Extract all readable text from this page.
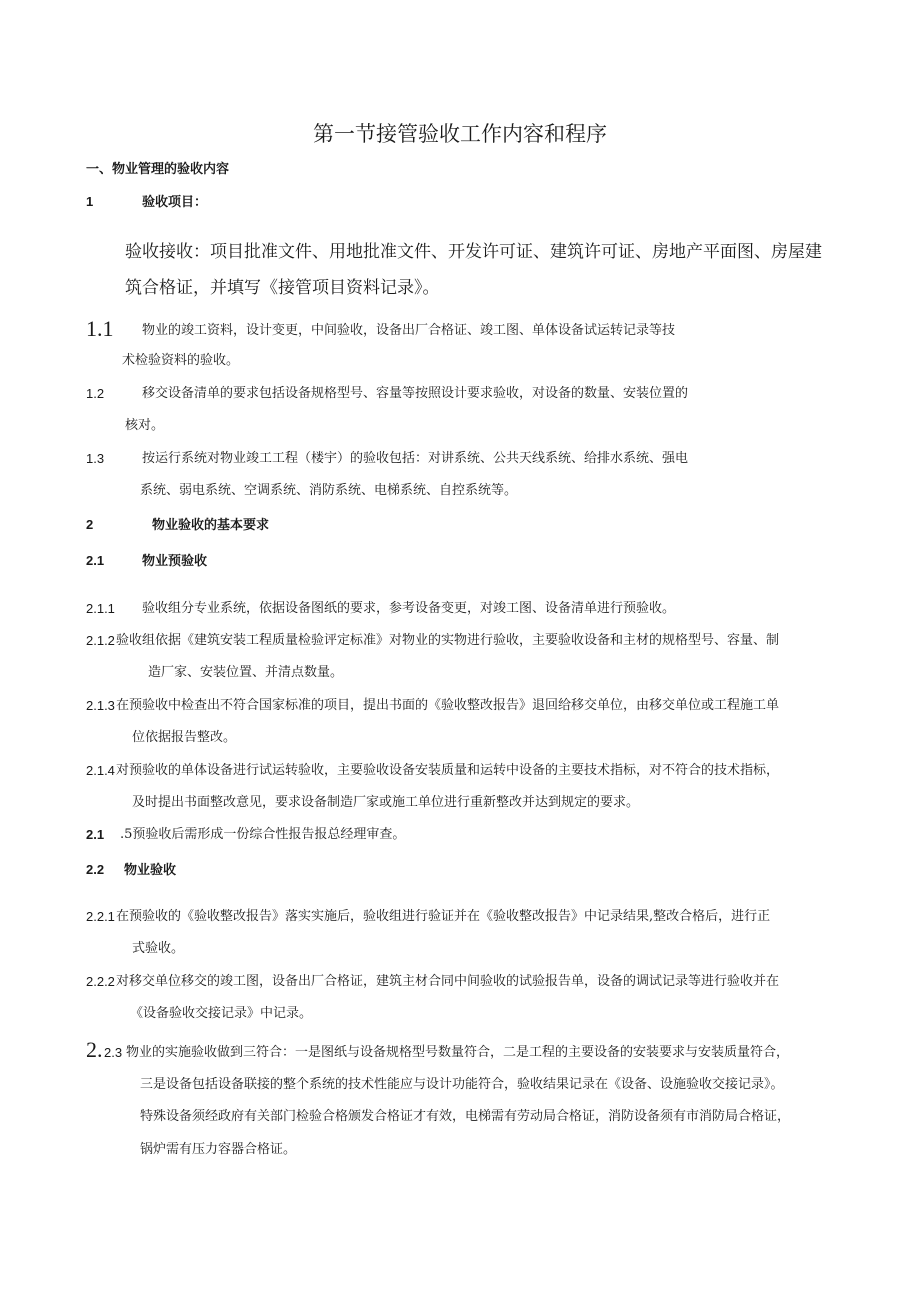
第一节接管验收工作内容和程序
一、物业管理的验收内容
1	验收项目：
验收接收：项目批准文件、用地批准文件、开发许可证、建筑许可证、房地产平面图、房屋建
筑合格证，并填写《接管项目资料记录》。
1.1 物业的竣工资料，设计变更，中间验收，设备出厂合格证、竣工图、单体设备试运转记录等技
术检验资料的验收。
1.2	移交设备清单的要求包括设备规格型号、容量等按照设计要求验收，对设备的数量、安装位置的
核对。
1.3	按运行系统对物业竣工工程（楼宇）的验收包括：对讲系统、公共天线系统、给排水系统、强电
系统、弱电系统、空调系统、消防系统、电梯系统、自控系统等。
2	物业验收的基本要求
2.1	物业预验收
2.1.1 验收组分专业系统，依据设备图纸的要求，参考设备变更，对竣工图、设备清单进行预验收。
2.1.2 验收组依据《建筑安装工程质量检验评定标准》对物业的实物进行验收，主要验收设备和主材的规格型号、容量、制
造厂家、安装位置、并清点数量。
2.1.3 在预验收中检查出不符合国家标准的项目，提出书面的《验收整改报告》退回给移交单位，由移交单位或工程施工单
位依据报告整改。
2.1.4 对预验收的单体设备进行试运转验收，主要验收设备安装质量和运转中设备的主要技术指标，对不符合的技术指标，
及时提出书面整改意见，要求设备制造厂家或施工单位进行重新整改并达到规定的要求。
2.1 .5预验收后需形成一份综合性报告报总经理审查。
2.2 物业验收
2.2.1 在预验收的《验收整改报告》落实实施后，验收组进行验证并在《验收整改报告》中记录结果,整改合格后，进行正
式验收。
2.2.2 对移交单位移交的竣工图，设备出厂合格证，建筑主材合同中间验收的试验报告单，设备的调试记录等进行验收并在
《设备验收交接记录》中记录。
2. 2.3 物业的实施验收做到三符合：一是图纸与设备规格型号数量符合，二是工程的主要设备的安装要求与安装质量符合，
三是设备包括设备联接的整个系统的技术性能应与设计功能符合，验收结果记录在《设备、设施验收交接记录》。
特殊设备须经政府有关部门检验合格颁发合格证才有效，电梯需有劳动局合格证，消防设备须有市消防局合格证，
锅炉需有压力容器合格证。
